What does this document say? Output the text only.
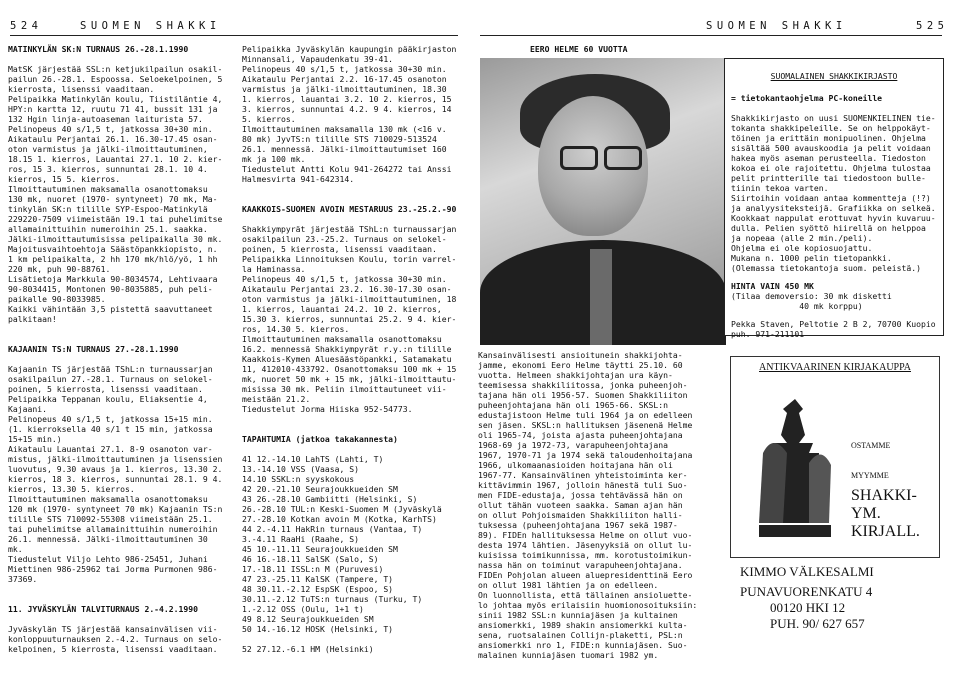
524	SUOMEN SHAKKI	SUOMEN SHAKKI	525
MATINKYLÄN SK:N TURNAUS 26.-28.1.1990
MatSK järjestää SSL:n ketjukilpailun osakil-
pailun 26.-28.1. Espoossa. Seloekelpoinen, 5
kierrosta, lisenssi vaaditaan.
Pelipaikka Matinkylän koulu, Tiistiläntie 4,
HPY:n kartta 12, ruutu 71 41, bussit 131 ja
132 Hgin linja-autoaseman laiturista 57.
Pelinopeus 40 s/1,5 t, jatkossa 30+30 min.
Aikataulu Perjantai 26.1. 16.30-17.45 osan-
oton varmistus ja jälki-ilmoittautuminen,
18.15 1. kierros, Lauantai 27.1. 10 2. kier-
ros, 15 3. kierros, sunnuntai 28.1. 10 4.
kierros, 15 5. kierros.
Ilmoittautuminen maksamalla osanottomaksu
130 mk, nuoret (1970- syntyneet) 70 mk, Ma-
tinkylän SK:n tilille SYP-Espoo-Matinkylä
229220-7509 viimeistään 19.1 tai puhelimitse
allamainittuihin numeroihin 25.1. saakka.
Jälki-ilmoittautumisissa pelipaikalla 30 mk.
Majoitusvaihtoehtoja Säästöpankkiopisto, n.
1 km pelipaikalta, 2 hh 170 mk/hlö/yö, 1 hh
220 mk, puh 90-88761.
Lisätietoja Markkula 90-8034574, Lehtivaara
90-8034415, Montonen 90-8035885, puh peli-
paikalle 90-8033985.
Kaikki vähintään 3,5 pistettä saavuttaneet
palkitaan!
KAJAANIN TS:N TURNAUS 27.-28.1.1990
Kajaanin TS järjestää TShL:n turnaussarjan
osakilpailun 27.-28.1. Turnaus on selokel-
poinen, 5 kierrosta, lisenssi vaaditaan.
Pelipaikka Teppanan koulu, Eliaksentie 4,
Kajaani.
Pelinopeus 40 s/1,5 t, jatkossa 15+15 min.
(1. kierroksella 40 s/1 t 15 min, jatkossa
15+15 min.)
Aikataulu Lauantai 27.1. 8-9 osanoton var-
mistus, jälki-ilmoittautuminen ja lisenssien
luovutus, 9.30 avaus ja 1. kierros, 13.30 2.
kierros, 18 3. kierros, sunnuntai 28.1. 9 4.
kierros, 13.30 5. kierros.
Ilmoittautuminen maksamalla osanottomaksu
120 mk (1970- syntyneet 70 mk) Kajaanin TS:n
tilille STS 710092-55308 viimeistään 25.1.
tai puhelimitse allamainittuihin numeroihin
26.1. mennessä. Jälki-ilmoittautuminen 30
mk.
Tiedustelut Viljo Lehto 986-25451, Juhani
Miettinen 986-25962 tai Jorma Purmonen 986-
37369.
11. JYVÄSKYLÄN TALVITURNAUS 2.-4.2.1990
Jyväskylän TS järjestää kansainvälisen vii-
konloppuuturnauksen 2.-4.2. Turnaus on selo-
kelpoinen, 5 kierrosta, lisenssi vaaditaan.
Pelipaikka Jyväskylän kaupungin pääkirjaston
Minnansali, Vapaudenkatu 39-41.
Pelinopeus 40 s/1,5 t, jatkossa 30+30 min.
Aikataulu Perjantai 2.2. 16-17.45 osanoton
varmistus ja jälki-ilmoittautuminen, 18.30
1. kierros, lauantai 3.2. 10 2. kierros, 15
3. kierros, sunnuntai 4.2. 9 4. kierros, 14
5. kierros.
Ilmoittautuminen maksamalla 130 mk (<16 v.
80 mk) JyvTS:n tilille STS 710029-513524
26.1. mennessä. Jälki-ilmoittautumiset 160
mk ja 100 mk.
Tiedustelut Antti Kolu 941-264272 tai Anssi
Halmesvirta 941-642314.
KAAKKOIS-SUOMEN AVOIN MESTARUUS 23.-25.2.-90
Shakkiympyrät järjestää TShL:n turnaussarjan
osakilpailun 23.-25.2. Turnaus on selokel-
poinen, 5 kierrosta, lisenssi vaaditaan.
Pelipaikka Linnoituksen Koulu, torin varrel-
la Haminassa.
Pelinopeus 40 s/1,5 t, jatkossa 30+30 min.
Aikataulu Perjantai 23.2. 16.30-17.30 osan-
oton varmistus ja jälki-ilmoittautuminen, 18
1. kierros, lauantai 24.2. 10 2. kierros,
15.30 3. kierros, sunnuntai 25.2. 9 4. kier-
ros, 14.30 5. kierros.
Ilmoittautuminen maksamalla osanottomaksu
16.2. mennessä Shakkiympyrät r.y.:n tilille
Kaakkois-Kymen Aluesäästöpankki, Satamakatu
11, 412010-433792. Osanottomaksu 100 mk + 15
mk, nuoret 50 mk + 15 mk, jälki-ilmoittautu-
misissa 30 mk. Peliin ilmoittautuneet vii-
meistään 21.2.
Tiedustelut Jorma Hiiska 952-54773.
TAPAHTUMIA (jatkoa takakannesta)
41 12.-14.10 LahTS (Lahti, T)
13.-14.10 VSS (Vaasa, S)
14.10 SSKL:n syyskokous
42 20.-21.10 Seurajoukkueiden SM
43 26.-28.10 Gambiitti (Helsinki, S)
26.-28.10 TUL:n Keski-Suomen M (Jyväskylä
27.-28.10 Kotkan avoin M (Kotka, KarhTS)
44 2.-4.11 HakRin turnaus (Vantaa, T)
3.-4.11 RaaHi (Raahe, S)
45 10.-11.11 Seurajoukkueiden SM
46 16.-18.11 SalSK (Salo, S)
17.-18.11 ISSL:n M (Puruvesi)
47 23.-25.11 KalSK (Tampere, T)
48 30.11.-2.12 EspSK (Espoo, S)
30.11.-2.12 TuTS:n turnaus (Turku, T)
1.-2.12 OSS (Oulu, 1+1 t)
49 8.12 Seurajoukkueiden SM
50 14.-16.12 HOSK (Helsinki, T)
52 27.12.-6.1 HM (Helsinki)
EERO HELME 60 VUOTTA
Kansainvälisesti ansioitunein shakkijohta-
jamme, ekonomi Eero Helme täytti 25.10. 60
vuotta. Helmeen shakkijohtajan ura käyn-
teemisessa shakkiliitossa, jonka puheenjoh-
tajana hän oli 1956-57. Suomen Shakkiliiton
puheenjohtajana hän oli 1965-66. SKSL:n
edustajistoon Helme tuli 1964 ja on edelleen
sen jäsen. SKSL:n hallituksen jäsenenä Helme
oli 1965-74, joista ajasta puheenjohtajana
1968-69 ja 1972-73, varapuheenjohtajana
1967, 1970-71 ja 1974 sekä taloudenhoitajana
1966, ulkomaanasioiden hoitajana hän oli
1967-77. Kansainvälinen yhteistoiminta ker-
kittävimmin 1967, jolloin hänestä tuli Suo-
men FIDE-edustaja, jossa tehtävässä hän on
ollut tähän vuoteen saakka. Saman ajan hän
on ollut Pohjoismaiden Shakkiliiton halli-
tuksessa (puheenjohtajana 1967 sekä 1987-
89). FIDEn hallituksessa Helme on ollut vuo-
desta 1974 lähtien. Jäsenyyksiä on ollut lu-
kuisissa toimikunnissa, mm. korotustoimikun-
nassa hän on toiminut varapuheenjohtajana.
FIDEn Pohjolan alueen aluepresidenttinä Eero
on ollut 1981 lähtien ja on edelleen.
On luonnollista, että tällainen ansioluette-
lo johtaa myös erilaisiin huomionosoituksiin:
sinii 1982 SSL:n kunniajäsen ja kultainen
ansiomerkki, 1989 shakin ansiomerkki kulta-
sena, ruotsalainen Collijn-plaketti, PSL:n
ansiomerkki nro 1, FIDE:n kunniajäsen. Suo-
malainen kunniajäsen tuomari 1982 ym.
SUOMALAINEN SHAKKIKIRJASTO
= tietokantaohjelma PC-koneille
Shakkikirjasto on uusi SUOMENKIELINEN tie-
tokanta shakkipeleille. Se on helppokäyt-
töinen ja erittäin monipuolinen. Ohjelma
sisältää 500 avauskoodia ja pelit voidaan
hakea myös aseman perusteella. Tiedoston
kokoa ei ole rajoitettu. Ohjelma tulostaa
pelit printterille tai tiedostoon bulle-
tiinin tekoa varten.
Siirtoihin voidaan antaa kommentteja (!?)
ja analyysiteksteijä. Grafiikka on selkeä.
Kookkaat nappulat erottuvat hyvin kuvaruu-
dulla. Pelien syöttö hiirellä on helppoa
ja nopeaa (alle 2 min./peli).
Ohjelma ei ole kopiosuojattu.
Mukana n. 1000 pelin tietopankki.
(Olemassa tietokantoja suom. peleistä.)
HINTA VAIN 450 MK
(Tilaa demoversio: 30 mk disketti
40 mk korppu)
Pekka Staven, Peltotie 2 B 2, 70700 Kuopio
puh. 971-211101
ANTIKVAARINEN KIRJAKAUPPA
OSTAMME
MYYMME
SHAKKI-
YM.
KIRJALL.
KIMMO VÄLKESALMI
PUNAVUORENKATU 4
00120 HKI 12
PUH. 90/ 627 657
